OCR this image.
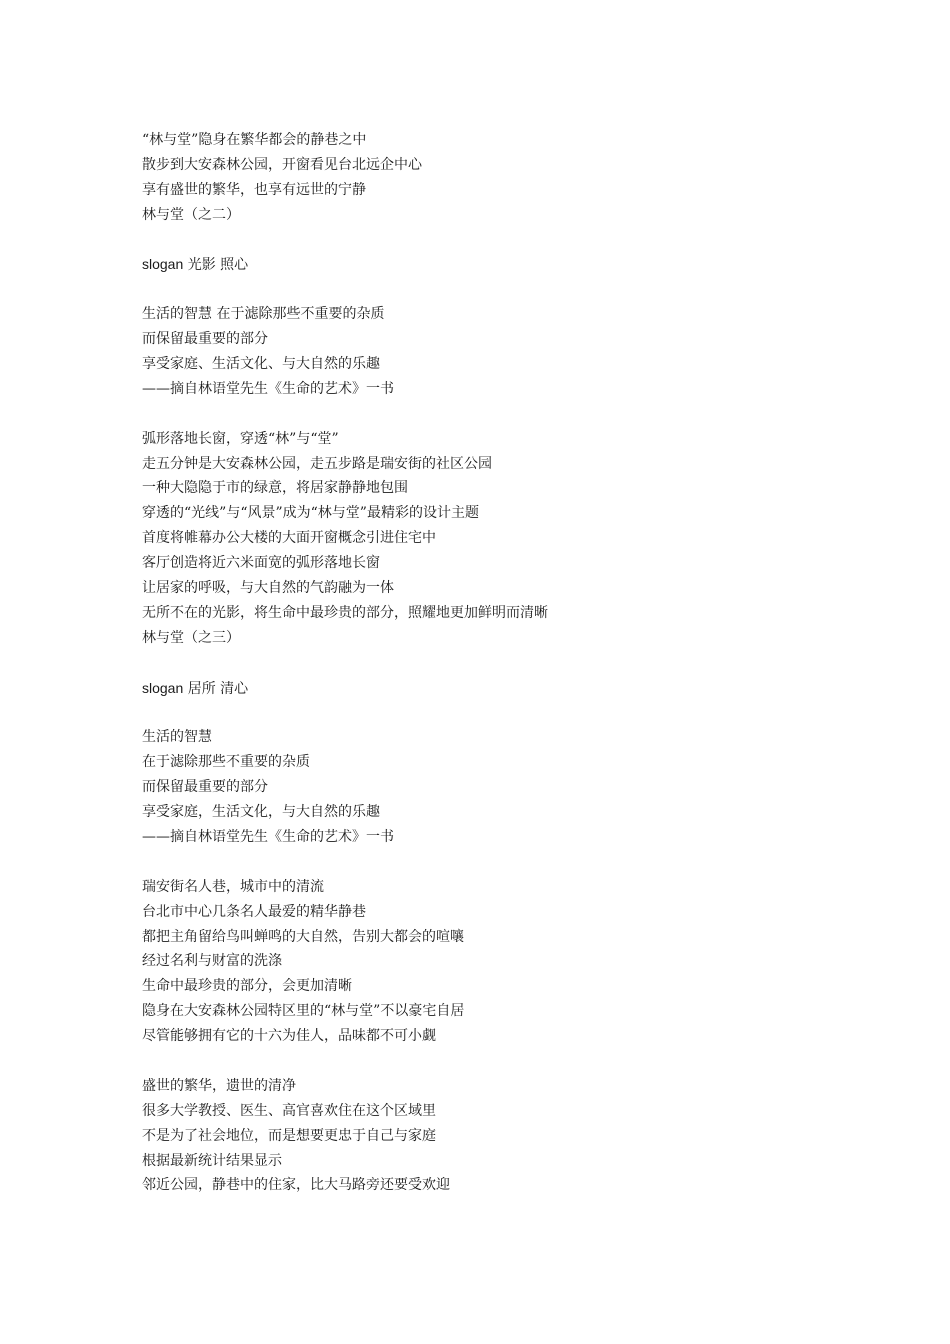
“林与堂”隐身在繁华都会的静巷之中
散步到大安森林公园，开窗看见台北远企中心
享有盛世的繁华，也享有远世的宁静
林与堂（之二）
slogan 光影 照心
生活的智慧 在于滤除那些不重要的杂质
而保留最重要的部分
享受家庭、生活文化、与大自然的乐趣
——摘自林语堂先生《生命的艺术》一书
弧形落地长窗，穿透“林”与“堂”
走五分钟是大安森林公园，走五步路是瑞安街的社区公园
一种大隐隐于市的绿意，将居家静静地包围
穿透的“光线”与“风景”成为“林与堂”最精彩的设计主题
首度将帷幕办公大楼的大面开窗概念引进住宅中
客厅创造将近六米面宽的弧形落地长窗
让居家的呼吸，与大自然的气韵融为一体
无所不在的光影，将生命中最珍贵的部分，照耀地更加鲜明而清晰
林与堂（之三）
slogan 居所 清心
生活的智慧
在于滤除那些不重要的杂质
而保留最重要的部分
享受家庭，生活文化，与大自然的乐趣
——摘自林语堂先生《生命的艺术》一书
瑞安街名人巷，城市中的清流
台北市中心几条名人最爱的精华静巷
都把主角留给鸟叫蝉鸣的大自然，告别大都会的喧嚷
经过名利与财富的洗涤
生命中最珍贵的部分，会更加清晰
隐身在大安森林公园特区里的“林与堂”不以豪宅自居
尽管能够拥有它的十六为佳人，品味都不可小觑
盛世的繁华，遗世的清净
很多大学教授、医生、高官喜欢住在这个区域里
不是为了社会地位，而是想要更忠于自己与家庭
根据最新统计结果显示
邻近公园，静巷中的住家，比大马路旁还要受欢迎
